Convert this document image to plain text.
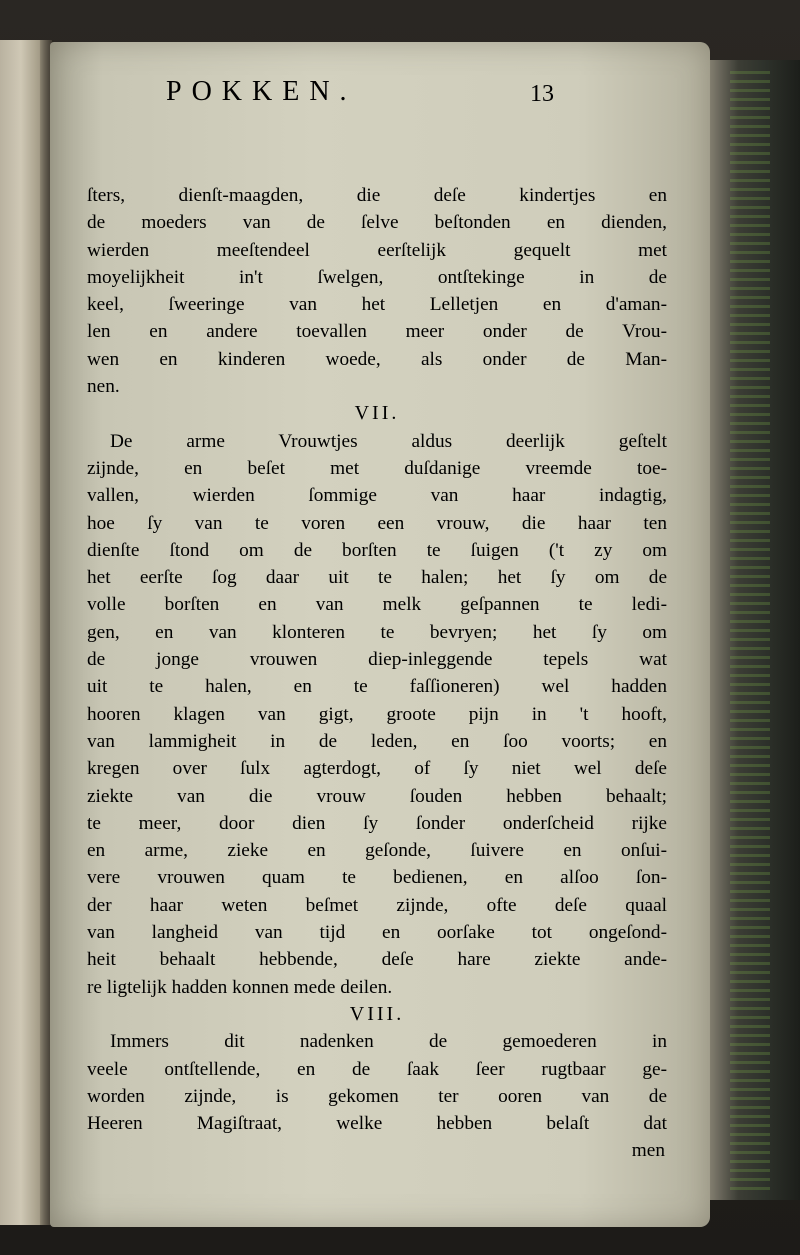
POKKEN.	13
ſters, dienſt-maagden, die deſe kindertjes en
de moeders van de ſelve beſtonden en dienden,
wierden meeſtendeel eerſtelijk gequelt met
moyelijkheit in't ſwelgen, ontſtekinge in de
keel, ſweeringe van het Lelletjen en d'aman-
len en andere toevallen meer onder de Vrou-
wen en kinderen woede, als onder de Man-
nen.
VII.
De arme Vrouwtjes aldus deerlijk geſtelt
zijnde, en beſet met duſdanige vreemde toe-
vallen, wierden ſommige van haar indagtig,
hoe ſy van te voren een vrouw, die haar ten
dienſte ſtond om de borſten te ſuigen ('t zy om
het eerſte ſog daar uit te halen; het ſy om de
volle borſten en van melk geſpannen te ledi-
gen, en van klonteren te bevryen; het ſy om
de jonge vrouwen diep-inleggende tepels wat
uit te halen, en te faſſioneren) wel hadden
hooren klagen van gigt, groote pijn in 't hooft,
van lammigheit in de leden, en ſoo voorts; en
kregen over ſulx agterdogt, of ſy niet wel deſe
ziekte van die vrouw ſouden hebben behaalt;
te meer, door dien ſy ſonder onderſcheid rijke
en arme, zieke en geſonde, ſuivere en onſui-
vere vrouwen quam te bedienen, en alſoo ſon-
der haar weten beſmet zijnde, ofte deſe quaal
van langheid van tijd en oorſake tot ongeſond-
heit behaalt hebbende, deſe hare ziekte ande-
re ligtelijk hadden konnen mede deilen.
VIII.
Immers dit nadenken de gemoederen in
veele ontſtellende, en de ſaak ſeer rugtbaar ge-
worden zijnde, is gekomen ter ooren van de
Heeren Magiſtraat, welke hebben belaſt dat
men
